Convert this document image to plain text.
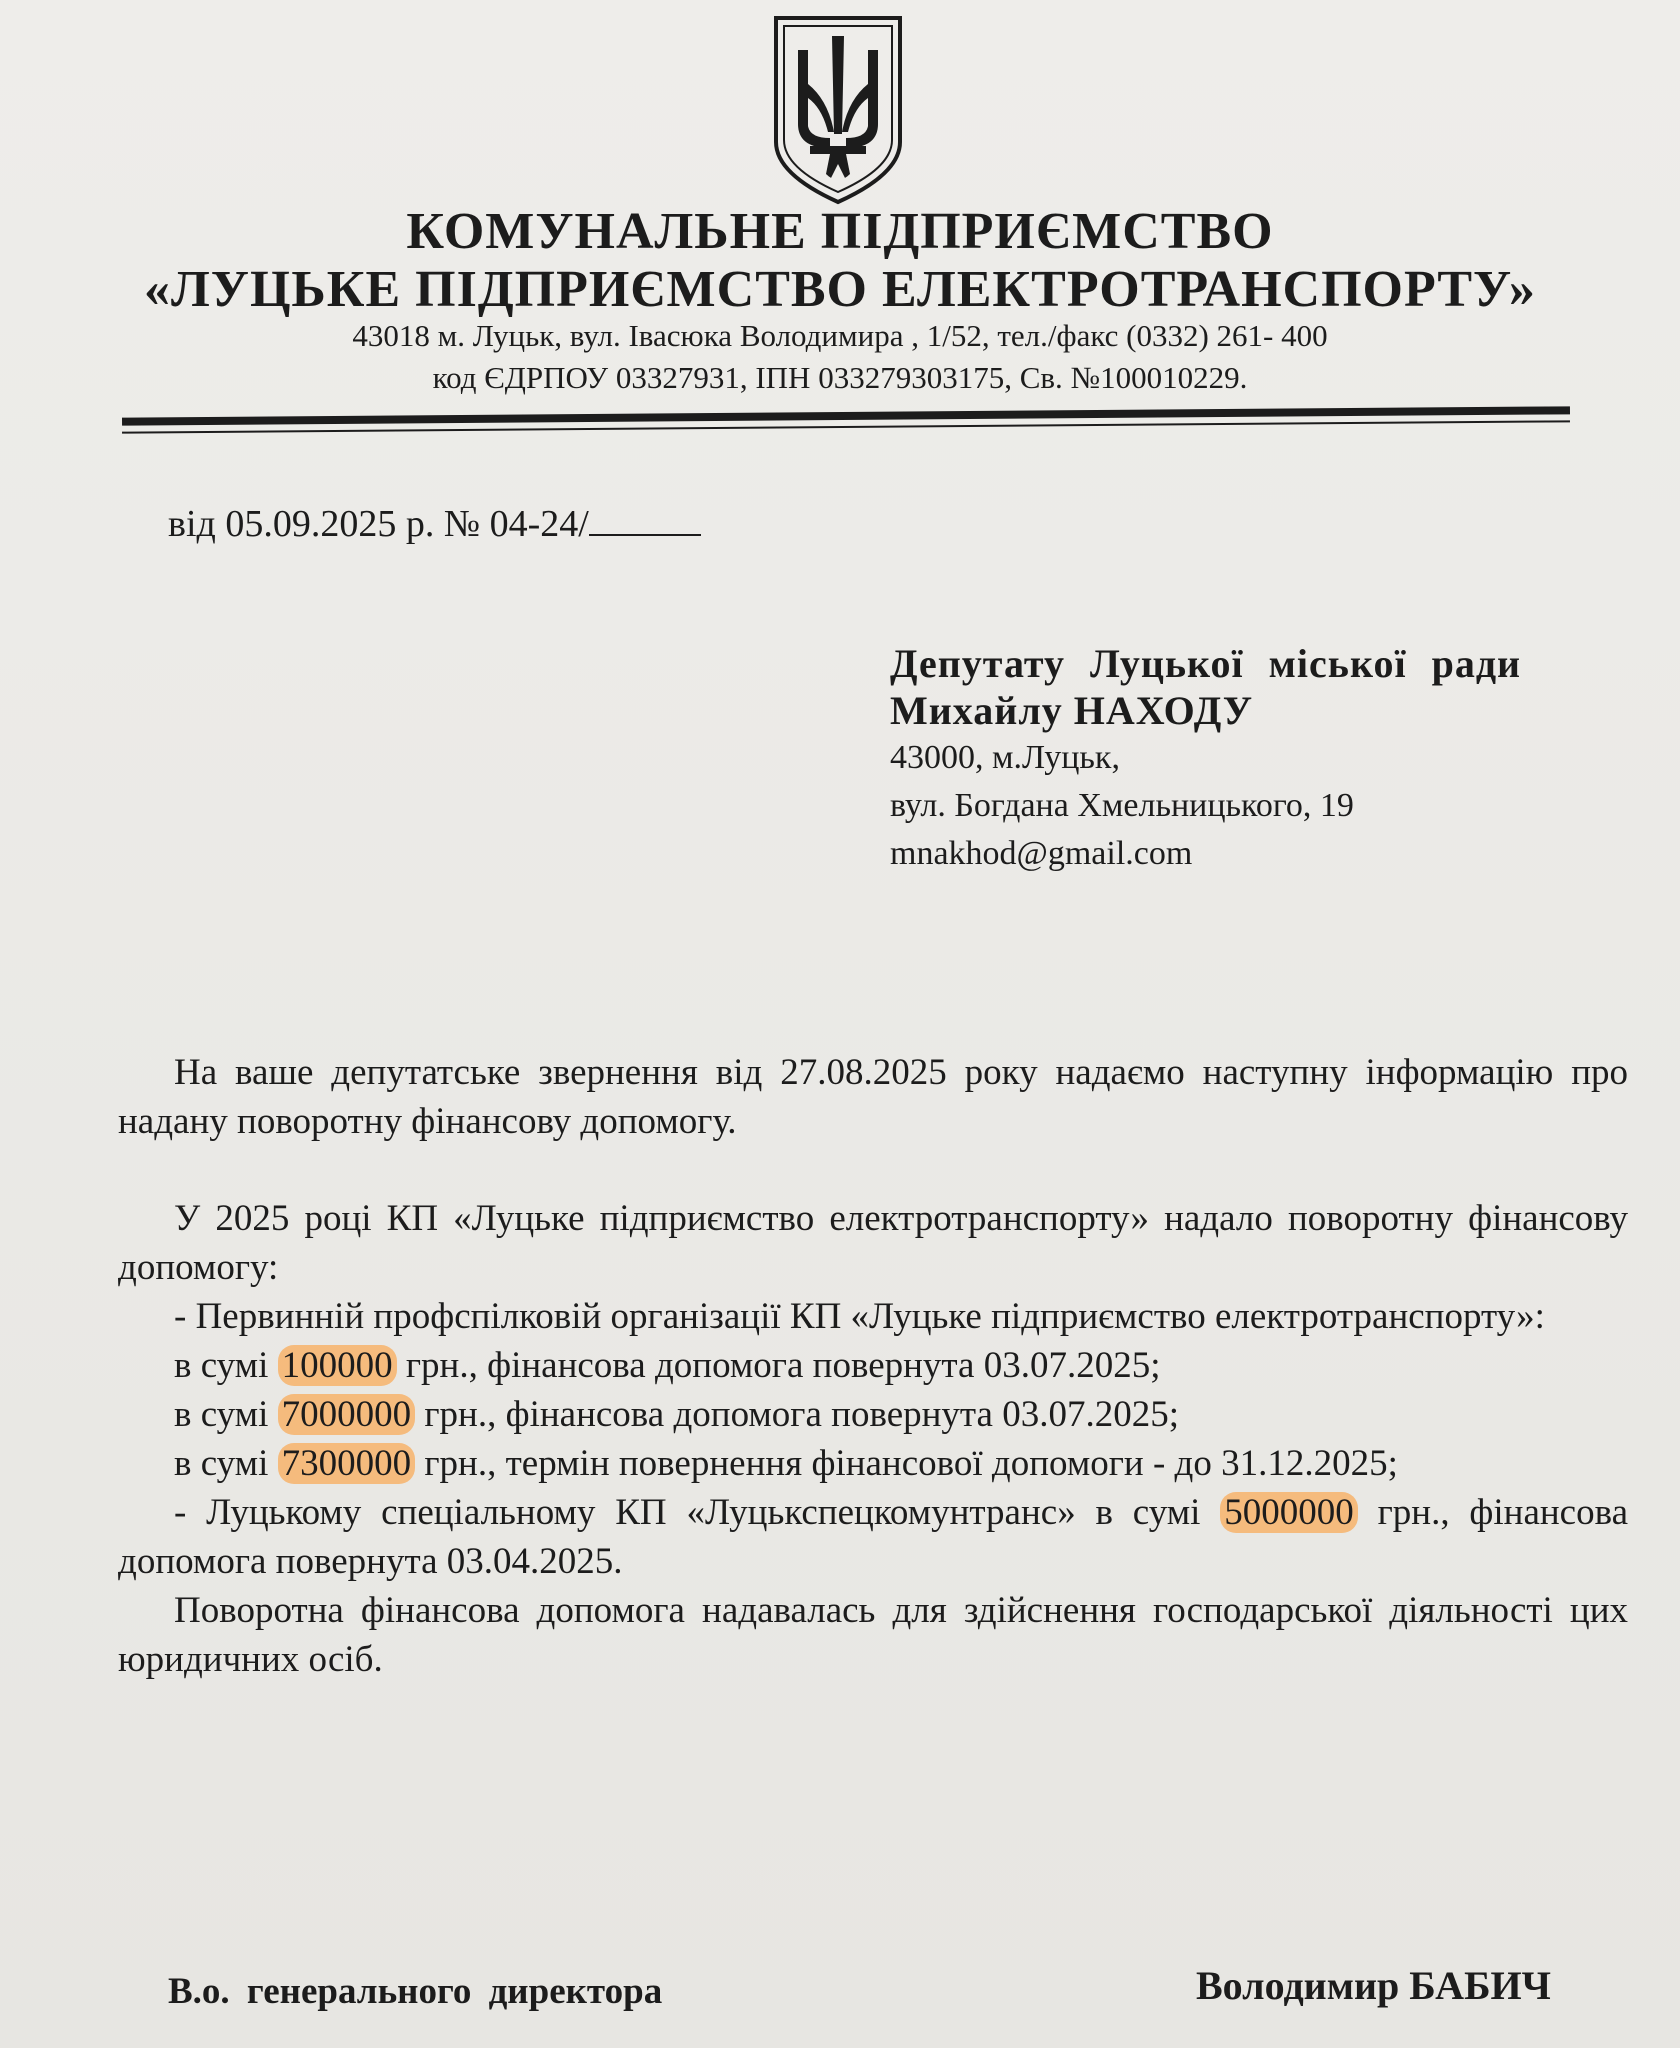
КОМУНАЛЬНЕ ПІДПРИЄМСТВО

«ЛУЦЬКЕ ПІДПРИЄМСТВО ЕЛЕКТРОТРАНСПОРТУ»

43018 м. Луцьк, вул. Івасюка Володимира , 1/52, тел./факс (0332) 261- 400

код ЄДРПОУ 03327931, ІПН 033279303175, Св. №100010229.

від 05.09.2025 р. № 04-24/

Депутату Луцької міської ради

Михайлу НАХОДУ

43000, м.Луцьк,

вул. Богдана Хмельницького, 19

mnakhod@gmail.com

На ваше депутатське звернення від 27.08.2025 року надаємо наступну інформацію про надану поворотну фінансову допомогу.

У 2025 році КП «Луцьке підприємство електротранспорту» надало поворотну фінансову допомогу:

- Первинній профспілковій організації КП «Луцьке підприємство електротранспорту»:

в сумі 100000 грн., фінансова допомога повернута 03.07.2025;

в сумі 7000000 грн., фінансова допомога повернута 03.07.2025;

в сумі 7300000 грн., термін повернення фінансової допомоги - до 31.12.2025;

- Луцькому спеціальному КП «Луцькспецкомунтранс» в сумі 5000000 грн., фінансова допомога повернута 03.04.2025.

Поворотна фінансова допомога надавалась для здійснення господарської діяльності цих юридичних осіб.

В.о. генерального директора	Володимир БАБИЧ
